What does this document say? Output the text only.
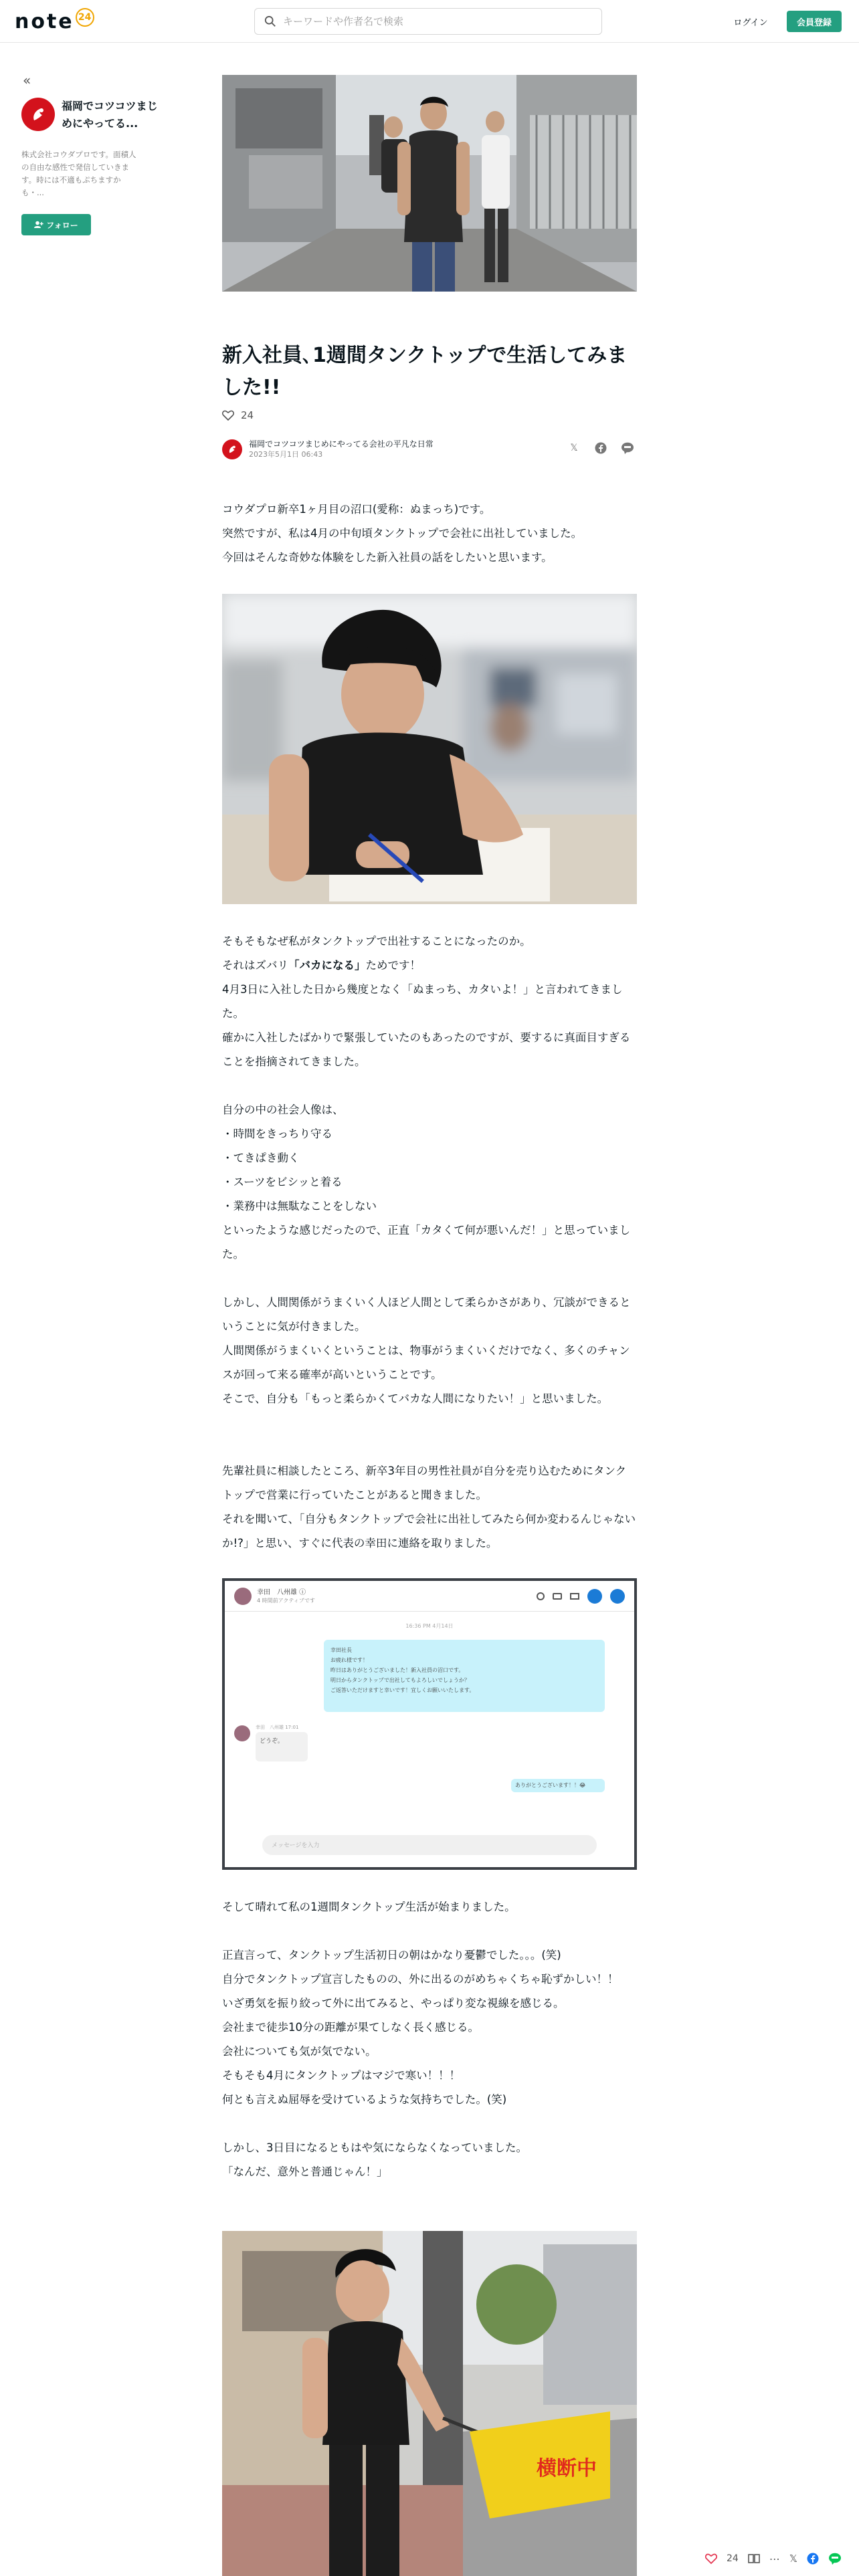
note 24
キーワードや作者名で検索	ログイン	会員登録
«
福岡でコツコツまじめにやってる...
株式会社コウダプロです。面積人の自由な感性で発信していきます。時には不適もぷちますかも・...
フォロー
新入社員､1週間タンクトップで生活してみました!!
24
福岡でコツコツまじめにやってる会社の平凡な日常
2023年5月1日 06:43
𝕏

コウダプロ新卒1ヶ月目の沼口(愛称：ぬまっち)です。

突然ですが、私は4月の中旬頃タンクトップで会社に出社していました。

今回はそんな奇妙な体験をした新入社員の話をしたいと思います。

そもそもなぜ私がタンクトップで出社することになったのか。

それはズバリ「バカになる」ためです！

4月3日に入社した日から幾度となく「ぬまっち、カタいよ！」と言われてきました。

確かに入社したばかりで緊張していたのもあったのですが、要するに真面目すぎることを指摘されてきました。

自分の中の社会人像は、

・時間をきっちり守る

・てきぱき動く

・スーツをビシッと着る

・業務中は無駄なことをしない

といったような感じだったので、正直「カタくて何が悪いんだ！」と思っていました。

しかし、人間関係がうまくいく人ほど人間として柔らかさがあり、冗談ができるということに気が付きました。

人間関係がうまくいくということは、物事がうまくいくだけでなく、多くのチャンスが回って来る確率が高いということです。

そこで、自分も「もっと柔らかくてバカな人間になりたい！」と思いました。

先輩社員に相談したところ、新卒3年目の男性社員が自分を売り込むためにタンクトップで営業に行っていたことがあると聞きました。

それを聞いて、「自分もタンクトップで会社に出社してみたら何か変わるんじゃないか!?」と思い、すぐに代表の幸田に連絡を取りました。

幸田　八州雄 ⓘ
4 時間前アクティブです
16:36 PM 4月14日
幸田社長
お疲れ様です！
昨日はありがとうございました！新入社員の沼口です。
明日からタンクトップで出社してもよろしいでしょうか？
ご返答いただけますと幸いです！宜しくお願いいたします。
幸田　八州雄 17:01
どうぞ。
ありがとうございます！！😂
メッセージを入力

そして晴れて私の1週間タンクトップ生活が始まりました。

正直言って、タンクトップ生活初日の朝はかなり憂鬱でした。。。(笑)

自分でタンクトップ宣言したものの、外に出るのがめちゃくちゃ恥ずかしい！！

いざ勇気を振り絞って外に出てみると、やっぱり変な視線を感じる。

会社まで徒歩10分の距離が果てしなく長く感じる。

会社についても気が気でない。

そもそも4月にタンクトップはマジで寒い！！！

何とも言えぬ屈辱を受けているような気持ちでした。(笑)

しかし、3日目になるともはや気にならなくなっていました。

「なんだ、意外と普通じゃん！」

横断中
24	⋯ 𝕏
